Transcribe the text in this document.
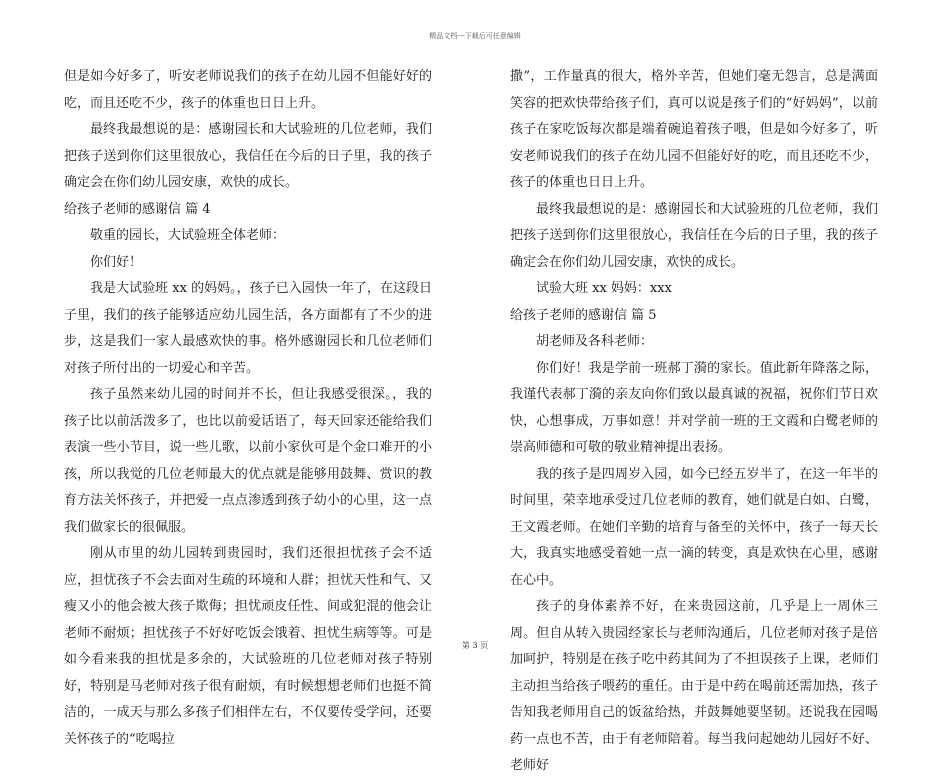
精品文档---下载后可任意编辑

但是如今好多了，听安老师说我们的孩子在幼儿园不但能好好的吃，而且还吃不少，孩子的体重也日日上升。

最终我最想说的是：感谢园长和大试验班的几位老师，我们把孩子送到你们这里很放心，我信任在今后的日子里，我的孩子确定会在你们幼儿园安康，欢快的成长。

给孩子老师的感谢信 篇 4

敬重的园长，大试验班全体老师：

你们好！

我是大试验班 xx 的妈妈。，孩子已入园快一年了，在这段日子里，我们的孩子能够适应幼儿园生活，各方面都有了不少的进步，这是我们一家人最感欢快的事。格外感谢园长和几位老师们对孩子所付出的一切爱心和辛苦。

孩子虽然来幼儿园的时间并不长，但让我感受很深。，我的孩子比以前活泼多了，也比以前爱话语了，每天回家还能给我们表演一些小节目，说一些儿歌，以前小家伙可是个金口难开的小孩，所以我觉的几位老师最大的优点就是能够用鼓舞、赏识的教育方法关怀孩子，并把爱一点点渗透到孩子幼小的心里，这一点我们做家长的很佩服。

刚从市里的幼儿园转到贵园时，我们还很担忧孩子会不适应，担忧孩子不会去面对生疏的环境和人群；担忧天性和气、又瘦又小的他会被大孩子欺侮；担忧顽皮任性、间或犯混的他会让老师不耐烦；担忧孩子不好好吃饭会饿着、担忧生病等等。可是如今看来我的担忧是多余的，大试验班的几位老师对孩子特别好，特别是马老师对孩子很有耐烦，有时候想想老师们也挺不简洁的，一成天与那么多孩子们相伴左右，不仅要传受学问，还要关怀孩子的“吃喝拉

撒”，工作量真的很大，格外辛苦，但她们毫无怨言，总是满面笑容的把欢快带给孩子们，真可以说是孩子们的“好妈妈”，以前孩子在家吃饭每次都是端着碗追着孩子喂，但是如今好多了，听安老师说我们的孩子在幼儿园不但能好好的吃，而且还吃不少，孩子的体重也日日上升。

最终我最想说的是：感谢园长和大试验班的几位老师，我们把孩子送到你们这里很放心，我信任在今后的日子里，我的孩子确定会在你们幼儿园安康，欢快的成长。

试验大班 xx 妈妈：xxx

给孩子老师的感谢信 篇 5

胡老师及各科老师：

你们好！我是学前一班郝丁漪的家长。值此新年降落之际，我谨代表郝丁漪的亲友向你们致以最真诚的祝福，祝你们节日欢快，心想事成，万事如意！并对学前一班的王文霞和白鹭老师的崇高师德和可敬的敬业精神提出表扬。

我的孩子是四周岁入园，如今已经五岁半了，在这一年半的时间里，荣幸地承受过几位老师的教育，她们就是白如、白鹭，王文霞老师。在她们辛勤的培育与备至的关怀中，孩子一每天长大，我真实地感受着她一点一滴的转变，真是欢快在心里，感谢在心中。

孩子的身体素养不好，在来贵园这前，几乎是上一周休三周。但自从转入贵园经家长与老师沟通后，几位老师对孩子是倍加呵护，特别是在孩子吃中药其间为了不担误孩子上课，老师们主动担当给孩子喂药的重任。由于是中药在喝前还需加热，孩子告知我老师用自己的饭盆给热，并鼓舞她要坚韧。还说我在园喝药一点也不苦，由于有老师陪着。每当我问起她幼儿园好不好、老师好

第 3 页
